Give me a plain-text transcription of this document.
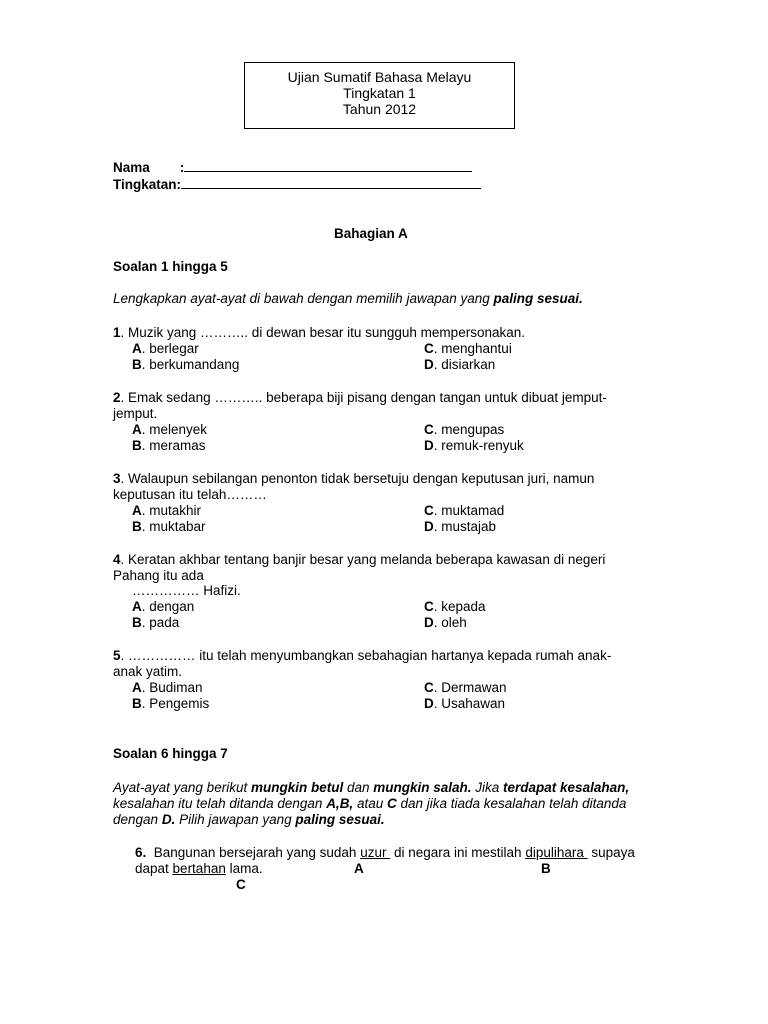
Ujian Sumatif Bahasa Melayu
Tingkatan 1
Tahun 2012
Nama :
Tingkatan:
Bahagian A
Soalan 1 hingga 5
Lengkapkan ayat-ayat di bawah dengan memilih jawapan yang paling sesuai.
1. Muzik yang ……….. di dewan besar itu sungguh mempersonakan.
A. berlegar	C. menghantui
B. berkumandang	D. disiarkan
2. Emak sedang ……….. beberapa biji pisang dengan tangan untuk dibuat jemput-
jemput.
A. melenyek	C. mengupas
B. meramas	D. remuk-renyuk
3. Walaupun sebilangan penonton tidak bersetuju dengan keputusan juri, namun
keputusan itu telah………
A. mutakhir	C. muktamad
B. muktabar	D. mustajab
4. Keratan akhbar tentang banjir besar yang melanda beberapa kawasan di negeri
Pahang itu ada
…………… Hafizi.
A. dengan	C. kepada
B. pada	D. oleh
5. …………… itu telah menyumbangkan sebahagian hartanya kepada rumah anak-
anak yatim.
A. Budiman	C. Dermawan
B. Pengemis	D. Usahawan
Soalan 6 hingga 7
Ayat-ayat yang berikut mungkin betul dan mungkin salah. Jika terdapat kesalahan,
kesalahan itu telah ditanda dengan A,B, atau C dan jika tiada kesalahan telah ditanda
dengan D. Pilih jawapan yang paling sesuai.
6. Bangunan bersejarah yang sudah uzur  di negara ini mestilah dipulihara  supaya
dapat bertahan lama.	A	B
C
